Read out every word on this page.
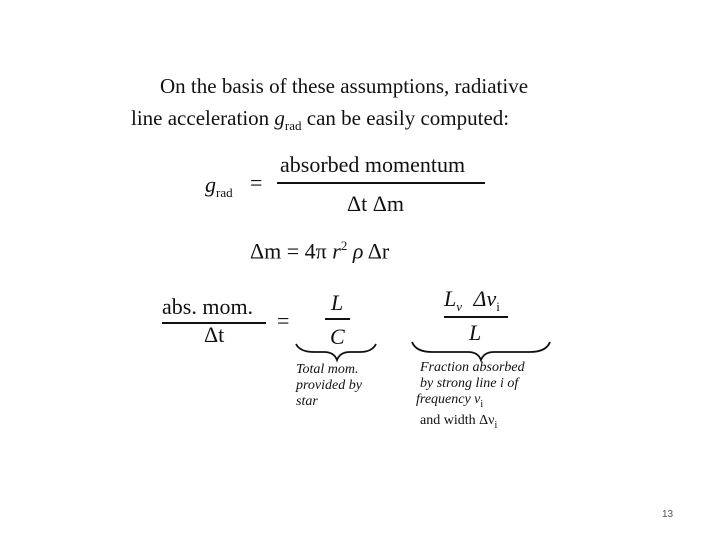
On the basis of these assumptions, radiative
line acceleration $g_{rad}$ can be easily computed:
$g_{rad}$ =
absorbed momentum
Δt Δm
Δm = 4π $r^2$ ρ Δr
abs. mom.
Δt
=
L
C
$L_\nu$ $\Delta\nu_i$
L
Total mom.
provided by
star
Fraction absorbed
by strong line i of
frequency $\nu_i$
and width $\Delta\nu_i$
13
